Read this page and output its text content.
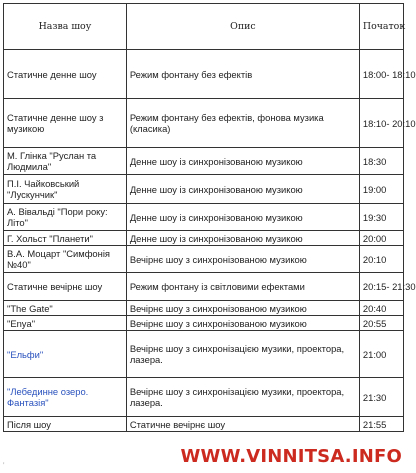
Назва шоу	Опис	Початок
Статичне денне шоу	Режим фонтану без ефектів	18:00- 18:10
Статичне денне шоу з музикою	Режим фонтану без ефектів, фонова музика (класика)	18:10- 20:10
М. Глінка "Руслан та Людмила"	Денне шоу із синхронізованою музикою	18:30
П.І. Чайковський "Лускунчик"	Денне шоу із синхронізованою музикою	19:00
А. Вівальді "Пори року: Літо"	Денне шоу із синхронізованою музикою	19:30
Г. Хольст "Планети"	Денне шоу із синхронізованою музикою	20:00
В.А. Моцарт "Симфонія №40"	Вечірнє шоу з синхронізованою музикою	20:10
Статичне вечірнє шоу	Режим фонтану із світловими ефектами	20:15- 21:30
"The Gate"	Вечірнє шоу з синхронізованою музикою	20:40
"Enya"	Вечірнє шоу з синхронізованою музикою	20:55
"Ельфи"	Вечірнє шоу з синхронізацією музики, проектора, лазера.	21:00
"Лебединне озеро. Фантазія"	Вечірнє шоу з синхронізацією музики, проектора, лазера.	21:30
Після шоу	Статичне вечірнє шоу	21:55
ʼ	WWW.VINNITSA.INFO
